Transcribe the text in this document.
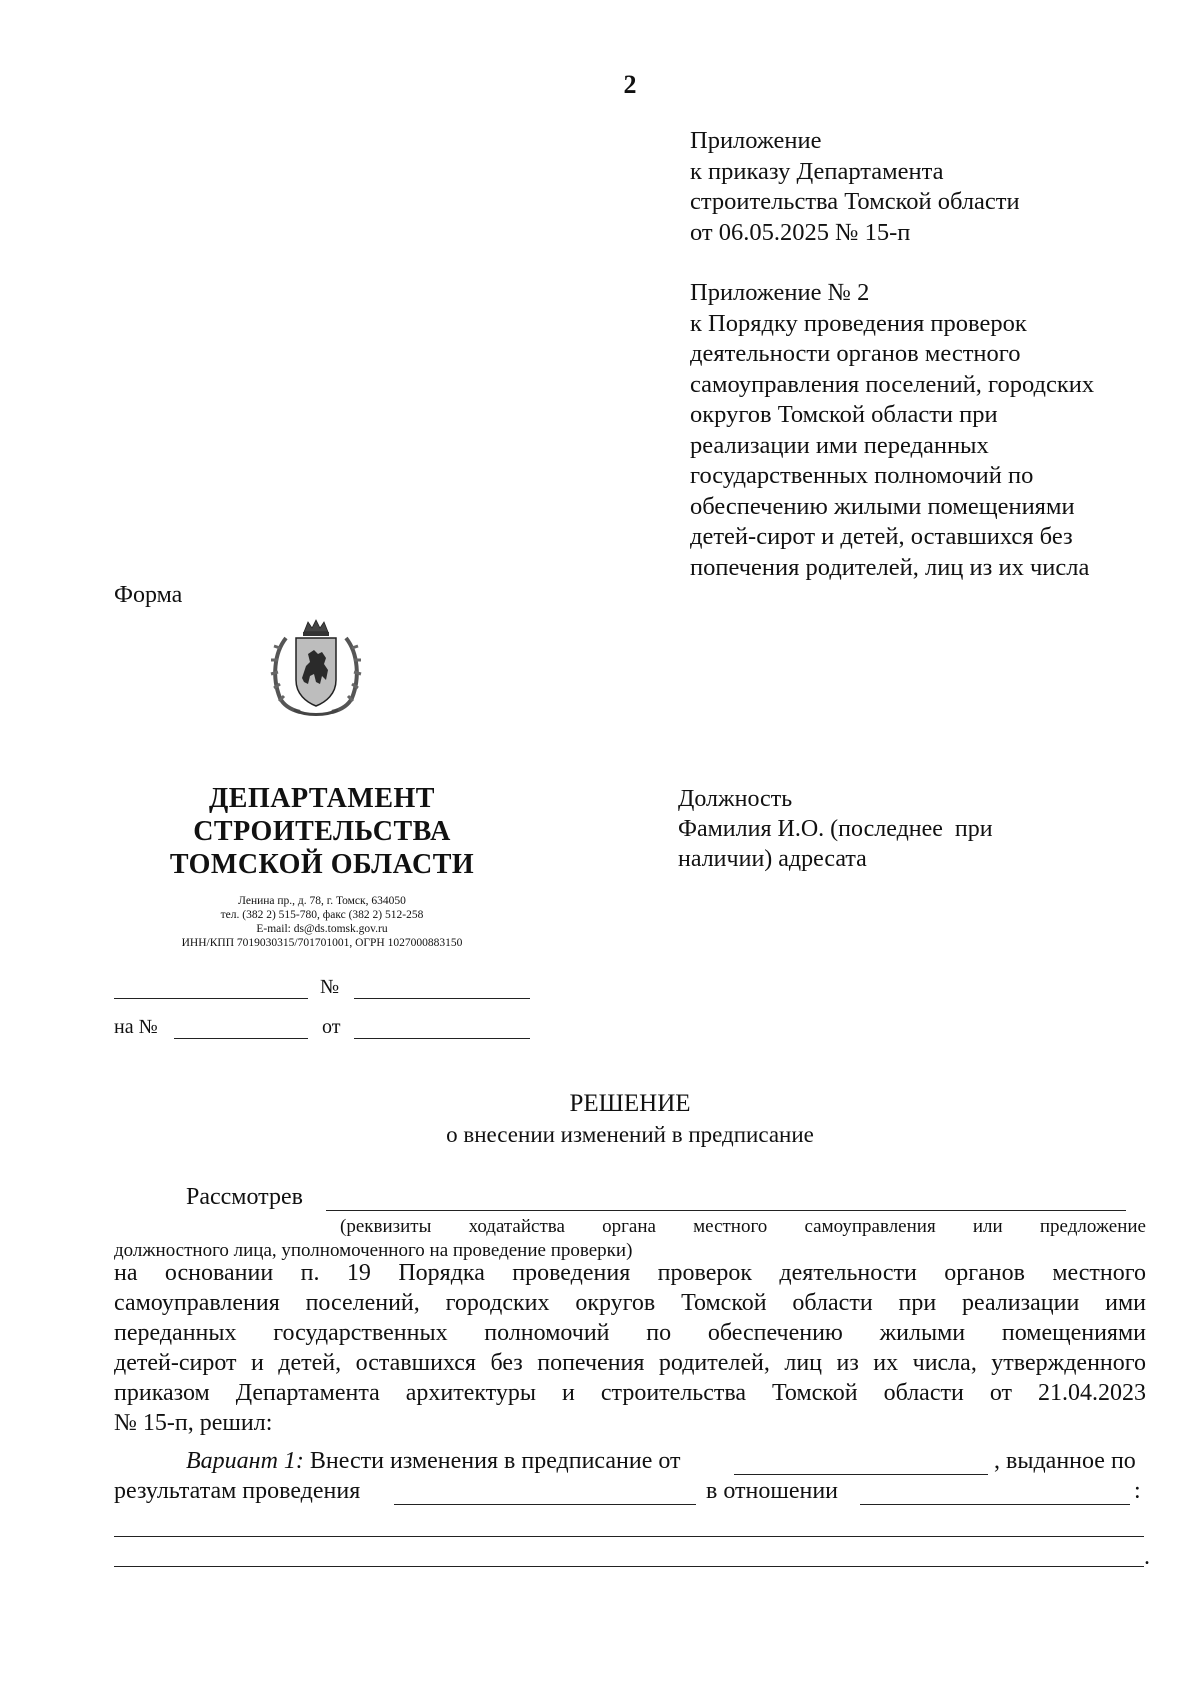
2
Приложение
к приказу Департамента
строительства Томской области
от 06.05.2025 № 15-п
Приложение № 2
к Порядку проведения проверок
деятельности органов местного
самоуправления поселений, городских
округов Томской области при
реализации ими переданных
государственных полномочий по
обеспечению жилыми помещениями
детей-сирот и детей, оставшихся без
попечения родителей, лиц из их числа
Форма
ДЕПАРТАМЕНТ
СТРОИТЕЛЬСТВА
ТОМСКОЙ ОБЛАСТИ
Ленина пр., д. 78, г. Томск, 634050
тел. (382 2) 515-780, факс (382 2) 512-258
E-mail: ds@ds.tomsk.gov.ru
ИНН/КПП 7019030315/701701001, ОГРН 1027000883150
№
на №	от
Должность
Фамилия И.О. (последнее  при
наличии) адресата
РЕШЕНИЕ
о внесении изменений в предписание
Рассмотрев
(реквизиты ходатайства органа местного самоуправления или предложение
должностного лица, уполномоченного на проведение проверки)
на основании п. 19 Порядка проведения проверок деятельности органов местного
самоуправления поселений, городских округов Томской области при реализации ими
переданных государственных полномочий по обеспечению жилыми помещениями
детей-сирот и детей, оставшихся без попечения родителей, лиц из их числа, утвержденного
приказом Департамента архитектуры и строительства Томской области от 21.04.2023
№ 15-п, решил:
Вариант 1: Внести изменения в предписание от	, выданное по
результатам проведения	в отношении	:
.
